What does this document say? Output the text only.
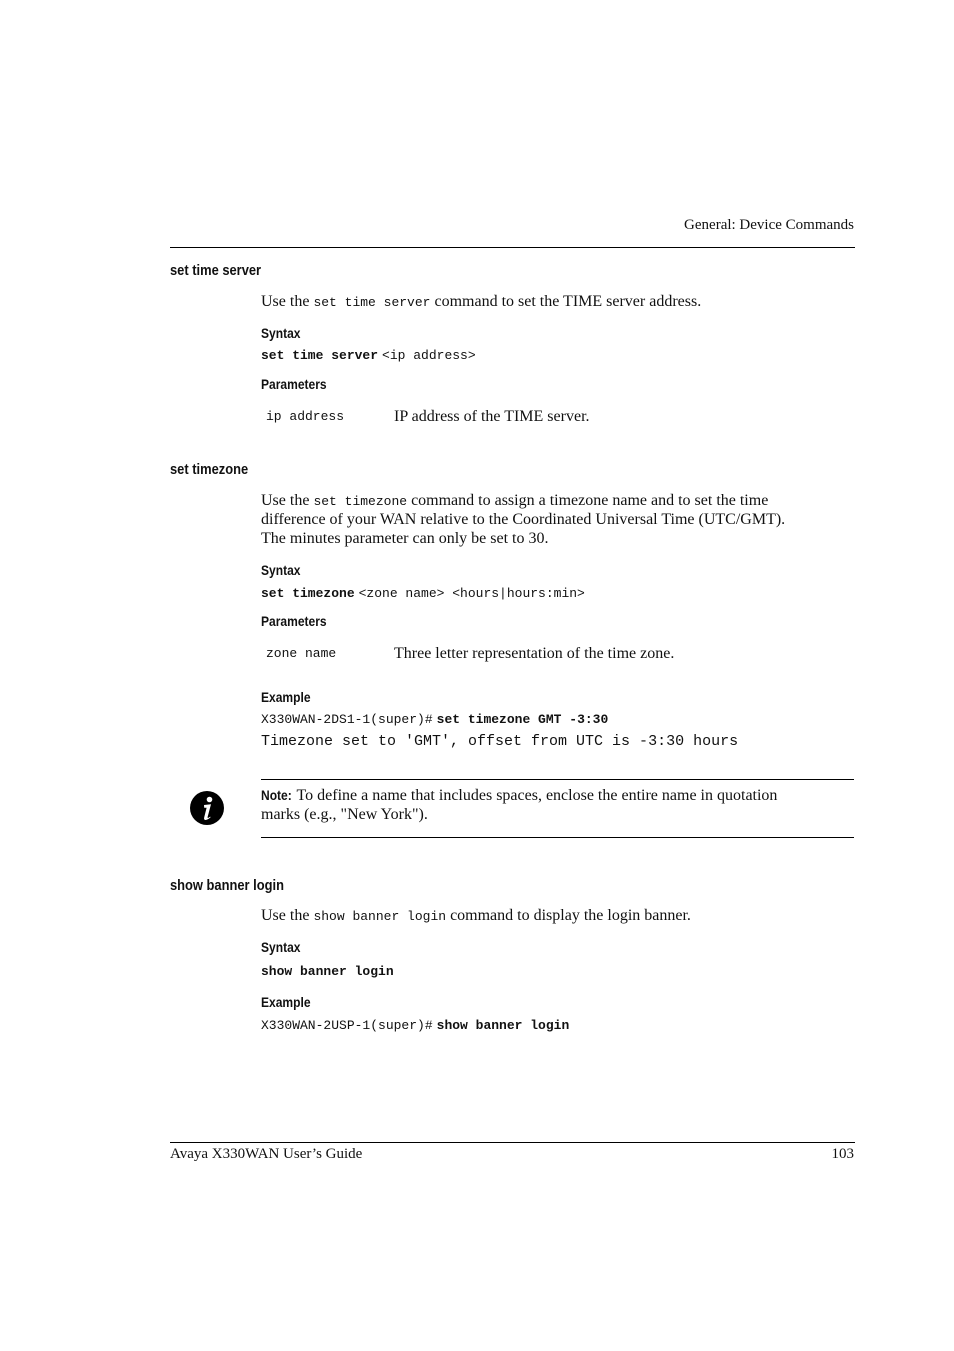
General: Device Commands
set time server
Use the set time server command to set the TIME server address.
Syntax
set time server <ip address>
Parameters
ip address	IP address of the TIME server.
set timezone
Use the set timezone command to assign a timezone name and to set the time
difference of your WAN relative to the Coordinated Universal Time (UTC/GMT).
The minutes parameter can only be set to 30.
Syntax
set timezone <zone name> <hours|hours:min>
Parameters
zone name	Three letter representation of the time zone.
Example
X330WAN-2DS1-1(super)# set timezone GMT -3:30
Timezone set to 'GMT', offset from UTC is -3:30 hours
Note: To define a name that includes spaces, enclose the entire name in quotation
marks (e.g., "New York").
show banner login
Use the show banner login command to display the login banner.
Syntax
show banner login
Example
X330WAN-2USP-1(super)# show banner login
Avaya X330WAN User’s Guide	103
